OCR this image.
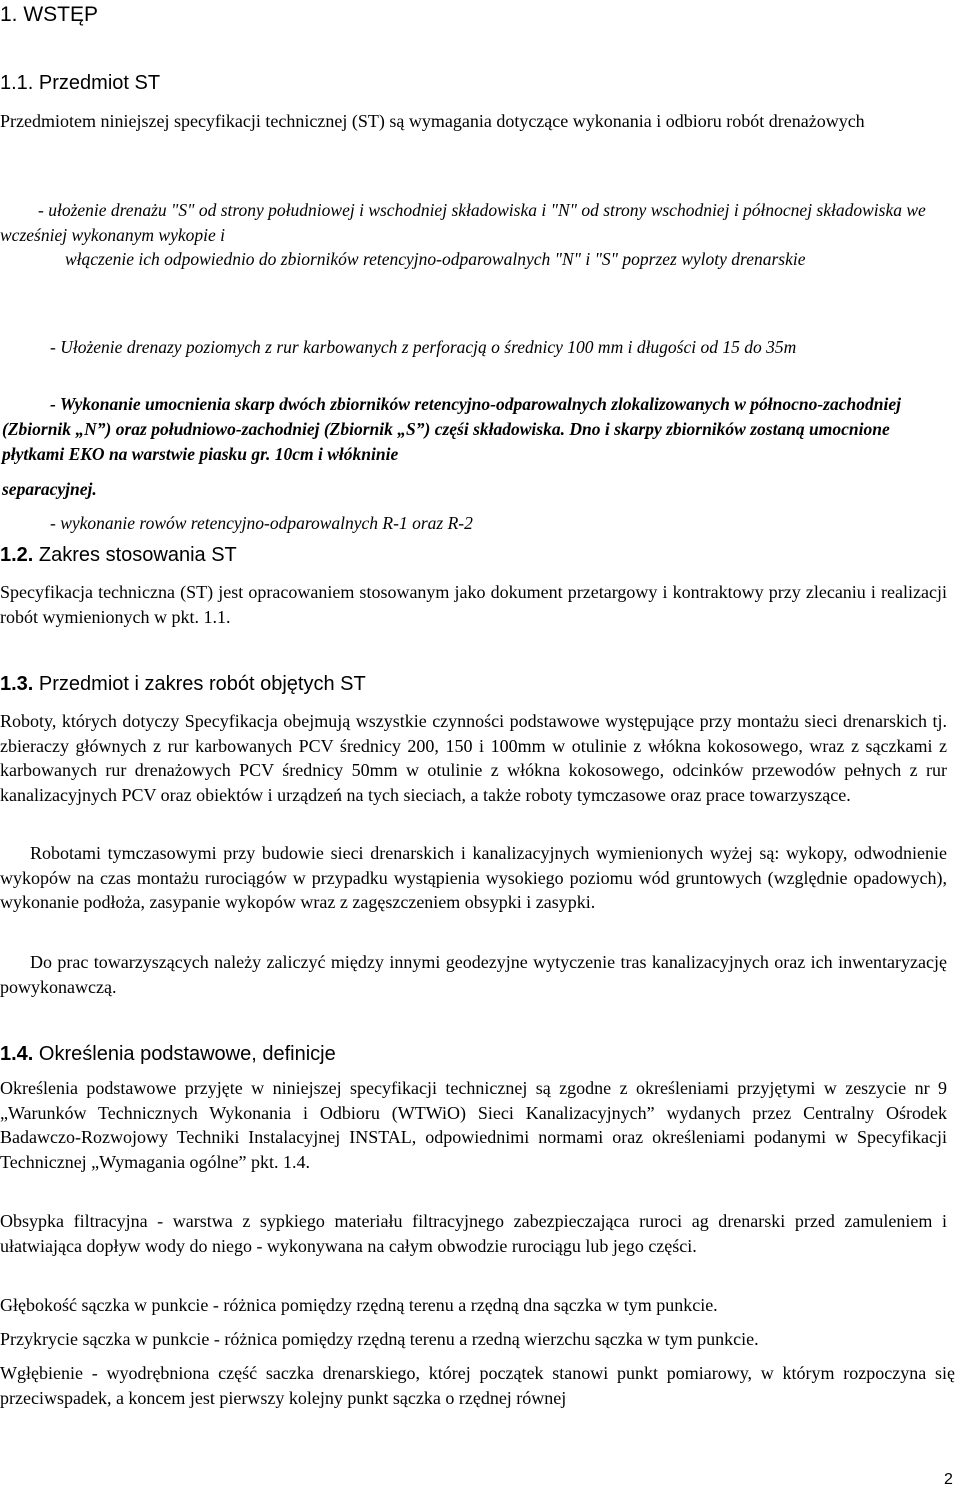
1. WSTĘP
1.1. Przedmiot ST

Przedmiotem niniejszej specyfikacji technicznej (ST) są wymagania dotyczące wykonania i odbioru robót drenażowych

- ułożenie drenażu "S" od strony południowej i wschodniej składowiska i "N" od strony wschodniej i północnej składowiska we wcześniej wykonanym wykopie i

włączenie ich odpowiednio do zbiorników retencyjno-odparowalnych "N" i "S" poprzez wyloty drenarskie

- Ułożenie drenazy poziomych z rur karbowanych z perforacją o średnicy 100 mm i długości od 15 do 35m

- Wykonanie umocnienia skarp dwóch zbiorników retencyjno-odparowalnych zlokalizowanych w północno-zachodniej (Zbiornik „N”) oraz południowo-zachodniej (Zbiornik „S”) częśi składowiska. Dno i skarpy zbiorników zostaną umocnione płytkami EKO na warstwie piasku gr. 10cm i włókninie

separacyjnej.

- wykonanie rowów retencyjno-odparowalnych R-1 oraz R-2

1.2. Zakres stosowania ST

Specyfikacja techniczna (ST) jest opracowaniem stosowanym jako dokument przetargowy i kontraktowy przy zlecaniu i realizacji robót wymienionych w pkt. 1.1.

1.3. Przedmiot i zakres robót objętych ST

Roboty, których dotyczy Specyfikacja obejmują wszystkie czynności podstawowe występujące przy montażu sieci drenarskich tj. zbieraczy głównych z rur karbowanych PCV średnicy 200, 150 i 100mm w otulinie z włókna kokosowego, wraz z sączkami z karbowanych rur drenażowych PCV średnicy 50mm w otulinie z włókna kokosowego, odcinków przewodów pełnych z rur kanalizacyjnych PCV oraz obiektów i urządzeń na tych sieciach, a także roboty tymczasowe oraz prace towarzyszące.

Robotami tymczasowymi przy budowie sieci drenarskich i kanalizacyjnych wymienionych wyżej są: wykopy, odwodnienie wykopów na czas montażu rurociągów w przypadku wystąpienia wysokiego poziomu wód gruntowych (względnie opadowych), wykonanie podłoża, zasypanie wykopów wraz z zagęszczeniem obsypki i zasypki.

Do prac towarzyszących należy zaliczyć między innymi geodezyjne wytyczenie tras kanalizacyjnych oraz ich inwentaryzację powykonawczą.

1.4. Określenia podstawowe, definicje

Określenia podstawowe przyjęte w niniejszej specyfikacji technicznej są zgodne z określeniami przyjętymi w zeszycie nr 9 „Warunków Technicznych Wykonania i Odbioru (WTWiO) Sieci Kanalizacyjnych” wydanych przez Centralny Ośrodek Badawczo-Rozwojowy Techniki Instalacyjnej INSTAL, odpowiednimi normami oraz określeniami podanymi w Specyfikacji Technicznej „Wymagania ogólne” pkt. 1.4.

Obsypka filtracyjna - warstwa z sypkiego materiału filtracyjnego zabezpieczająca ruroci ag drenarski przed zamuleniem i ułatwiająca dopływ wody do niego - wykonywana na całym obwodzie rurociągu lub jego części.

Głębokość sączka w punkcie - różnica pomiędzy rzędną terenu a rzędną dna sączka w tym punkcie.

Przykrycie sączka w punkcie - różnica pomiędzy rzędną terenu a rzedną wierzchu sączka w tym punkcie.

Wgłębienie - wyodrębniona część saczka drenarskiego, której początek stanowi punkt pomiarowy, w którym rozpoczyna się przeciwspadek, a koncem jest pierwszy kolejny punkt sączka o rzędnej równej

2
